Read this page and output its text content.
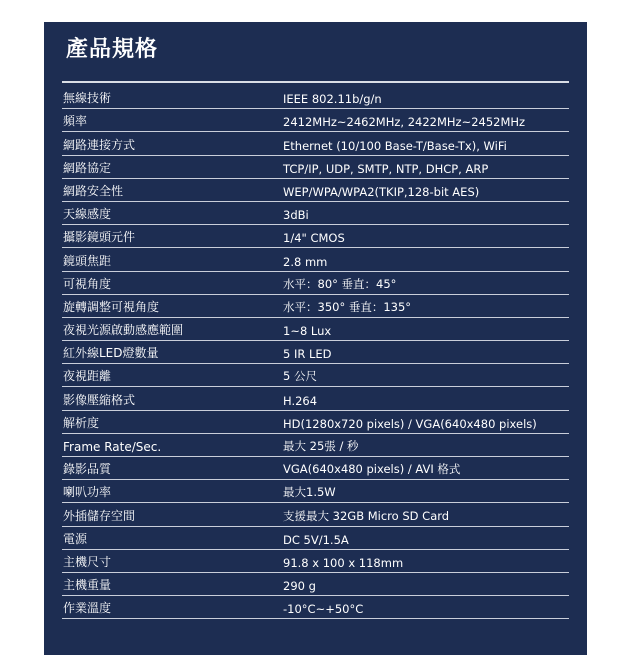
產品規格
無線技術	IEEE 802.11b/g/n
頻率	2412MHz~2462MHz, 2422MHz~2452MHz
網路連接方式	Ethernet (10/100 Base-T/Base-Tx), WiFi
網路協定	TCP/IP, UDP, SMTP, NTP, DHCP, ARP
網路安全性	WEP/WPA/WPA2(TKIP,128-bit AES)
天線感度	3dBi
攝影鏡頭元件	1/4" CMOS
鏡頭焦距	2.8 mm
可視角度	水平：80° 垂直：45°
旋轉調整可視角度	水平：350° 垂直：135°
夜視光源啟動感應範圍	1~8 Lux
紅外線LED燈數量	5 IR LED
夜視距離	5 公尺
影像壓縮格式	H.264
解析度	HD(1280x720 pixels) / VGA(640x480 pixels)
Frame Rate/Sec.	最大 25張 / 秒
錄影品質	VGA(640x480 pixels) / AVI 格式
喇叭功率	最大1.5W
外插儲存空間	支援最大 32GB Micro SD Card
電源	DC 5V/1.5A
主機尺寸	91.8 x 100 x 118mm
主機重量	290 g
作業溫度	-10°C~+50°C
